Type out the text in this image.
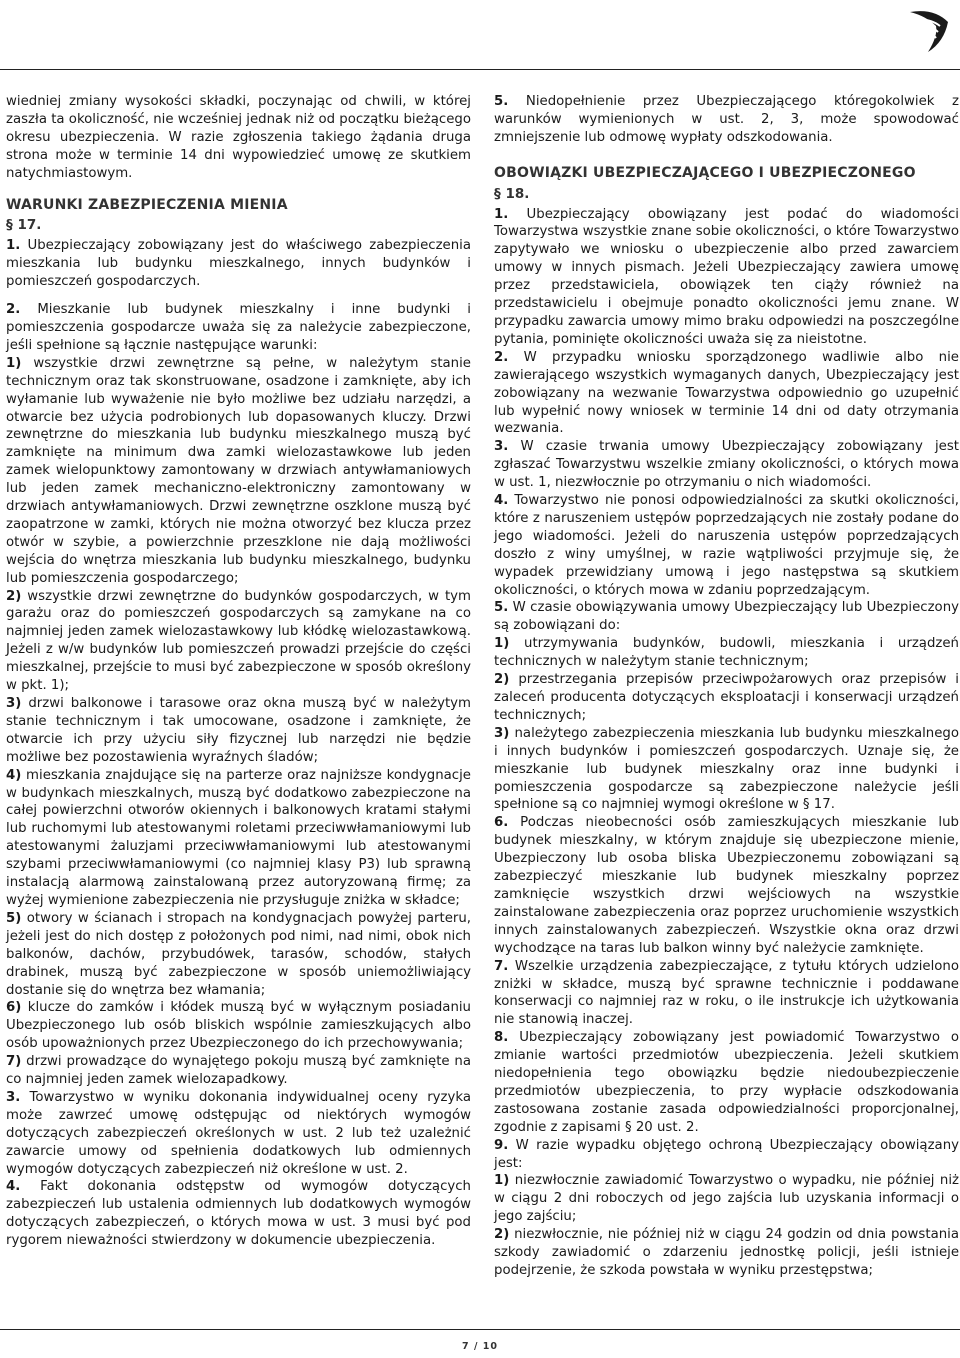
wiedniej zmiany wysokości składki, poczynając od chwili, w której zaszła ta okoliczność, nie wcześniej jednak niż od początku bieżącego okresu ubezpieczenia. W razie zgłoszenia takiego żądania druga strona może w terminie 14 dni wypowiedzieć umowę ze skutkiem natychmiastowym.

WARUNKI ZABEZPIECZENIA MIENIA
§ 17.

1. Ubezpieczający zobowiązany jest do właściwego zabezpieczenia mieszkania lub budynku mieszkalnego, innych budynków i pomieszczeń gospodarczych.

2. Mieszkanie lub budynek mieszkalny i inne budynki i pomieszczenia gospodarcze uważa się za należycie zabezpieczone, jeśli spełnione są łącznie następujące warunki:

1) wszystkie drzwi zewnętrzne są pełne, w należytym stanie technicznym oraz tak skonstruowane, osadzone i zamknięte, aby ich wyłamanie lub wyważenie nie było możliwe bez udziału narzędzi, a otwarcie bez użycia podrobionych lub dopasowanych kluczy. Drzwi zewnętrzne do mieszkania lub budynku mieszkalnego muszą być zamknięte na minimum dwa zamki wielozastawkowe lub jeden zamek wielopunktowy zamontowany w drzwiach antywłamaniowych lub jeden zamek mechaniczno-elektroniczny zamontowany w drzwiach antywłamaniowych. Drzwi zewnętrzne oszklone muszą być zaopatrzone w zamki, których nie można otworzyć bez klucza przez otwór w szybie, a powierzchnie przeszklone nie dają możliwości wejścia do wnętrza mieszkania lub budynku mieszkalnego, budynku lub pomieszczenia gospodarczego;

2) wszystkie drzwi zewnętrzne do budynków gospodarczych, w tym garażu oraz do pomieszczeń gospodarczych są zamykane na co najmniej jeden zamek wielozastawkowy lub kłódkę wielozastawkową. Jeżeli z w/w budynków lub pomieszczeń prowadzi przejście do części mieszkalnej, przejście to musi być zabezpieczone w sposób określony w pkt. 1);

3) drzwi balkonowe i tarasowe oraz okna muszą być w należytym stanie technicznym i tak umocowane, osadzone i zamknięte, że otwarcie ich przy użyciu siły fizycznej lub narzędzi nie będzie możliwe bez pozostawienia wyraźnych śladów;

4) mieszkania znajdujące się na parterze oraz najniższe kondygnacje w budynkach mieszkalnych, muszą być dodatkowo zabezpieczone na całej powierzchni otworów okiennych i balkonowych kratami stałymi lub ruchomymi lub atestowanymi roletami przeciwwłamaniowymi lub atestowanymi żaluzjami przeciwwłamaniowymi lub atestowanymi szybami przeciwwłamaniowymi (co najmniej klasy P3) lub sprawną instalacją alarmową zainstalowaną przez autoryzowaną firmę; za wyżej wymienione zabezpieczenia nie przysługuje zniżka w składce;

5) otwory w ścianach i stropach na kondygnacjach powyżej parteru, jeżeli jest do nich dostęp z położonych pod nimi, nad nimi, obok nich balkonów, dachów, przybudówek, tarasów, schodów, stałych drabinek, muszą być zabezpieczone w sposób uniemożliwiający dostanie się do wnętrza bez włamania;

6) klucze do zamków i kłódek muszą być w wyłącznym posiadaniu Ubezpieczonego lub osób bliskich wspólnie zamieszkujących albo osób upoważnionych przez Ubezpieczonego do ich przechowywania;

7) drzwi prowadzące do wynajętego pokoju muszą być zamknięte na co najmniej jeden zamek wielozapadkowy.

3. Towarzystwo w wyniku dokonania indywidualnej oceny ryzyka może zawrzeć umowę odstępując od niektórych wymogów dotyczących zabezpieczeń określonych w ust. 2 lub też uzależnić zawarcie umowy od spełnienia dodatkowych lub odmiennych wymogów dotyczących zabezpieczeń niż określone w ust. 2.

4. Fakt dokonania odstępstw od wymogów dotyczących zabezpieczeń lub ustalenia odmiennych lub dodatkowych wymogów dotyczących zabezpieczeń, o których mowa w ust. 3 musi być pod rygorem nieważności stwierdzony w dokumencie ubezpieczenia.

5. Niedopełnienie przez Ubezpieczającego któregokolwiek z warunków wymienionych w ust. 2, 3, może spowodować zmniejszenie lub odmowę wypłaty odszkodowania.

OBOWIĄZKI UBEZPIECZAJĄCEGO I UBEZPIECZONEGO
§ 18.

1. Ubezpieczający obowiązany jest podać do wiadomości Towarzystwa wszystkie znane sobie okoliczności, o które Towarzystwo zapytywało we wniosku o ubezpieczenie albo przed zawarciem umowy w innych pismach. Jeżeli Ubezpieczający zawiera umowę przez przedstawiciela, obowiązek ten ciąży również na przedstawicielu i obejmuje ponadto okoliczności jemu znane. W przypadku zawarcia umowy mimo braku odpowiedzi na poszczególne pytania, pominięte okoliczności uważa się za nieistotne.

2. W przypadku wniosku sporządzonego wadliwie albo nie zawierającego wszystkich wymaganych danych, Ubezpieczający jest zobowiązany na wezwanie Towarzystwa odpowiednio go uzupełnić lub wypełnić nowy wniosek w terminie 14 dni od daty otrzymania wezwania.

3. W czasie trwania umowy Ubezpieczający zobowiązany jest zgłaszać Towarzystwu wszelkie zmiany okoliczności, o których mowa w ust. 1, niezwłocznie po otrzymaniu o nich wiadomości.

4. Towarzystwo nie ponosi odpowiedzialności za skutki okoliczności, które z naruszeniem ustępów poprzedzających nie zostały podane do jego wiadomości. Jeżeli do naruszenia ustępów poprzedzających doszło z winy umyślnej, w razie wątpliwości przyjmuje się, że wypadek przewidziany umową i jego następstwa są skutkiem okoliczności, o których mowa w zdaniu poprzedzającym.

5. W czasie obowiązywania umowy Ubezpieczający lub Ubezpieczony są zobowiązani do:

1) utrzymywania budynków, budowli, mieszkania i urządzeń technicznych w należytym stanie technicznym;

2) przestrzegania przepisów przeciwpożarowych oraz przepisów i zaleceń producenta dotyczących eksploatacji i konserwacji urządzeń technicznych;

3) należytego zabezpieczenia mieszkania lub budynku mieszkalnego i innych budynków i pomieszczeń gospodarczych. Uznaje się, że mieszkanie lub budynek mieszkalny oraz inne budynki i pomieszczenia gospodarcze są zabezpieczone należycie jeśli spełnione są co najmniej wymogi określone w § 17.

6. Podczas nieobecności osób zamieszkujących mieszkanie lub budynek mieszkalny, w którym znajduje się ubezpieczone mienie, Ubezpieczony lub osoba bliska Ubezpieczonemu zobowiązani są zabezpieczyć mieszkanie lub budynek mieszkalny poprzez zamknięcie wszystkich drzwi wejściowych na wszystkie zainstalowane zabezpieczenia oraz poprzez uruchomienie wszystkich innych zainstalowanych zabezpieczeń. Wszystkie okna oraz drzwi wychodzące na taras lub balkon winny być należycie zamknięte.

7. Wszelkie urządzenia zabezpieczające, z tytułu których udzielono zniżki w składce, muszą być sprawne technicznie i poddawane konserwacji co najmniej raz w roku, o ile instrukcje ich użytkowania nie stanowią inaczej.

8. Ubezpieczający zobowiązany jest powiadomić Towarzystwo o zmianie wartości przedmiotów ubezpieczenia. Jeżeli skutkiem niedopełnienia tego obowiązku będzie niedoubezpieczenie przedmiotów ubezpieczenia, to przy wypłacie odszkodowania zastosowana zostanie zasada odpowiedzialności proporcjonalnej, zgodnie z zapisami § 20 ust. 2.

9. W razie wypadku objętego ochroną Ubezpieczający obowiązany jest:

1) niezwłocznie zawiadomić Towarzystwo o wypadku, nie później niż w ciągu 2 dni roboczych od jego zajścia lub uzyskania informacji o jego zajściu;

2) niezwłocznie, nie później niż w ciągu 24 godzin od dnia powstania szkody zawiadomić o zdarzeniu jednostkę policji, jeśli istnieje podejrzenie, że szkoda powstała w wyniku przestępstwa;

7 / 10
